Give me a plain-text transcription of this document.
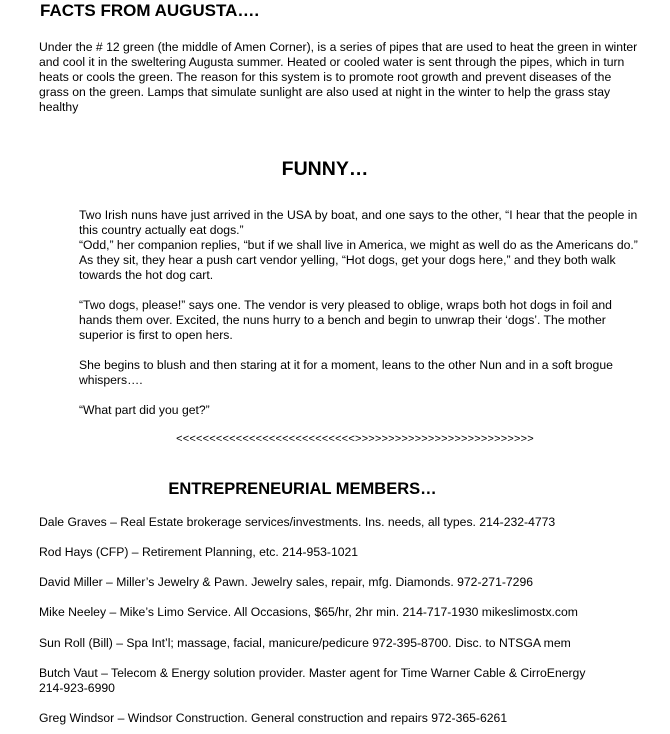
FACTS FROM AUGUSTA….

Under the # 12 green (the middle of Amen Corner), is a series of pipes that are used to heat the green in winter and cool it in the sweltering Augusta summer. Heated or cooled water is sent through the pipes, which in turn heats or cools the green. The reason for this system is to promote root growth and prevent diseases of the grass on the green. Lamps that simulate sunlight are also used at night in the winter to help the grass stay healthy

FUNNY…

Two Irish nuns have just arrived in the USA by boat, and one says to the other, “I hear that the people in this country actually eat dogs.”

“Odd,” her companion replies, “but if we shall live in America, we might as well do as the Americans do.” As they sit, they hear a push cart vendor yelling, “Hot dogs, get your dogs here,” and they both walk towards the hot dog cart.

“Two dogs, please!” says one. The vendor is very pleased to oblige, wraps both hot dogs in foil and hands them over. Excited, the nuns hurry to a bench and begin to unwrap their ‘dogs’. The mother superior is first to open hers.

She begins to blush and then staring at it for a moment, leans to the other Nun and in a soft brogue whispers….

“What part did you get?”

<<<<<<<<<<<<<<<<<<<<<<<<<<<>>>>>>>>>>>>>>>>>>>>>>>>>>>
ENTREPRENEURIAL MEMBERS…
Dale Graves – Real Estate brokerage services/investments. Ins. needs, all types. 214-232-4773
Rod Hays (CFP) – Retirement Planning, etc. 214-953-1021
David Miller – Miller’s Jewelry & Pawn. Jewelry sales, repair, mfg. Diamonds. 972-271-7296
Mike Neeley – Mike’s Limo Service. All Occasions, $65/hr, 2hr min. 214-717-1930 mikeslimostx.com
Sun Roll (Bill) – Spa Int’l; massage, facial, manicure/pedicure 972-395-8700. Disc. to NTSGA mem
Butch Vaut – Telecom & Energy solution provider. Master agent for Time Warner Cable & CirroEnergy 214-923-6990
Greg Windsor – Windsor Construction. General construction and repairs 972-365-6261
